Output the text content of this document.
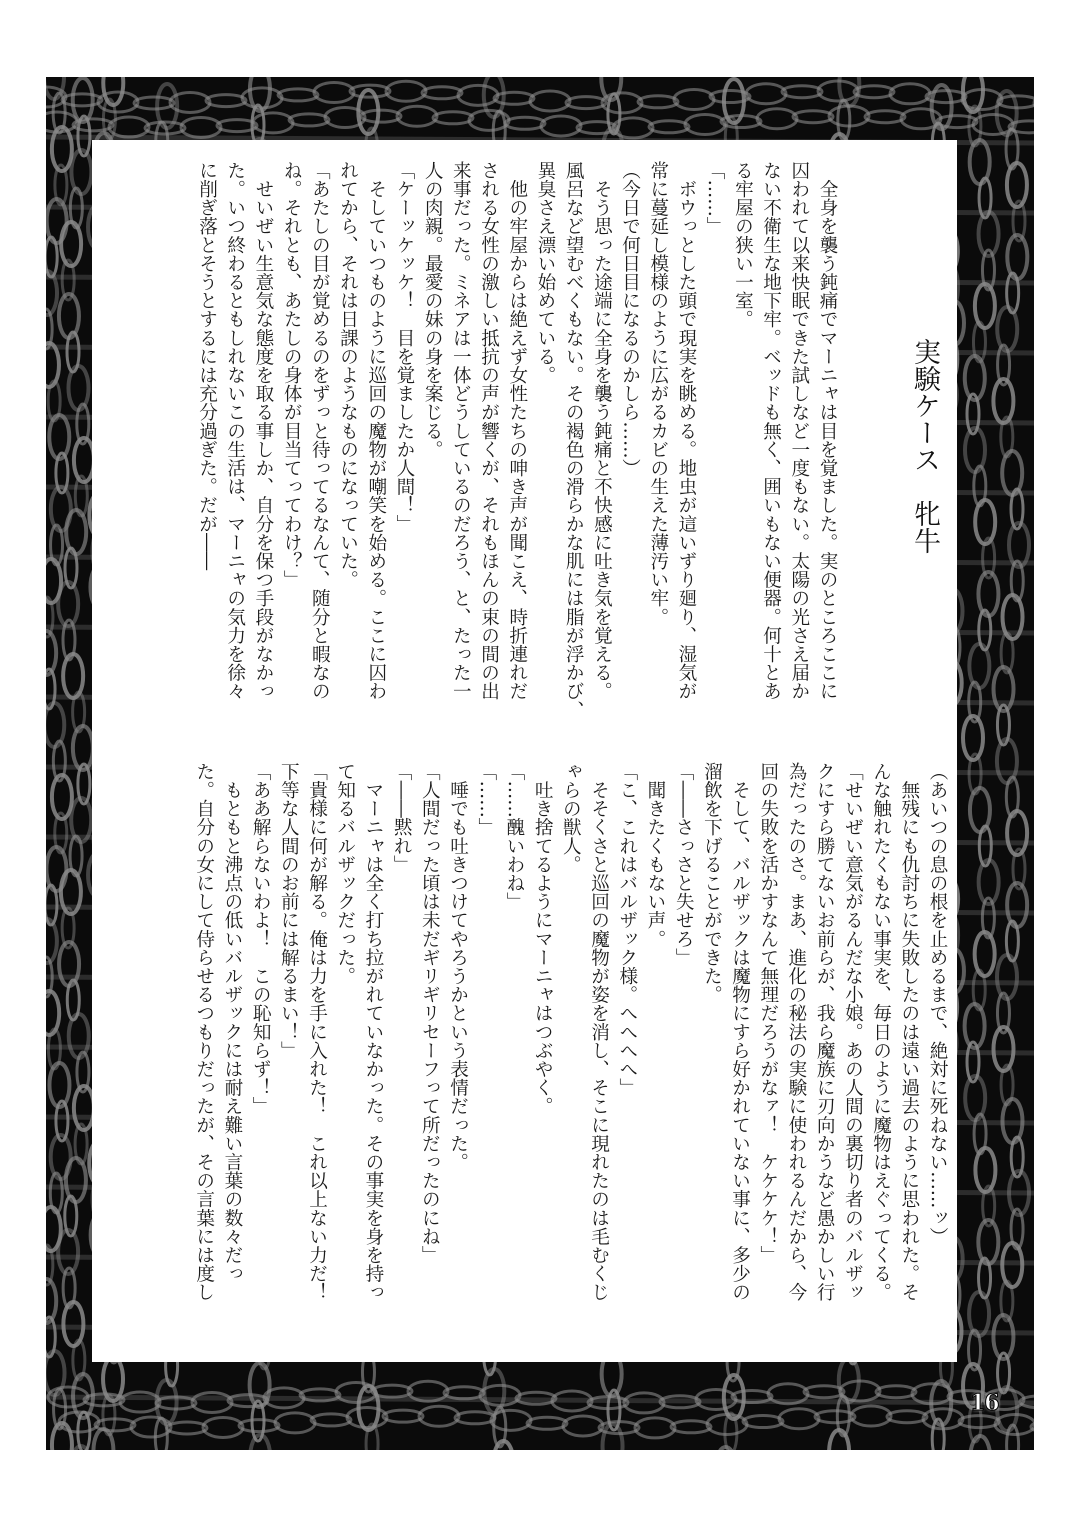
実験ケース　牝牛
　全身を襲う鈍痛でマーニャは目を覚ました。実のところここに
囚われて以来快眠できた試しなど一度もない。太陽の光さえ届か
ない不衛生な地下牢。ベッドも無く、囲いもない便器。何十とあ
る牢屋の狭い一室。
「……」
　ボウっとした頭で現実を眺める。地虫が這いずり廻り、湿気が
常に蔓延し模様のように広がるカビの生えた薄汚い牢。
（今日で何日目になるのかしら……）
　そう思った途端に全身を襲う鈍痛と不快感に吐き気を覚える。
風呂など望むべくもない。その褐色の滑らかな肌には脂が浮かび、
異臭さえ漂い始めている。
　他の牢屋からは絶えず女性たちの呻き声が聞こえ、時折連れだ
される女性の激しい抵抗の声が響くが、それもほんの束の間の出
来事だった。ミネアは一体どうしているのだろう、と、たった一
人の肉親。最愛の妹の身を案じる。
「ケーッケッケ！　目を覚ましたか人間！」
　そしていつものように巡回の魔物が嘲笑を始める。ここに囚わ
れてから、それは日課のようなものになっていた。
「あたしの目が覚めるのをずっと待ってるなんて、随分と暇なの
ね。それとも、あたしの身体が目当てってわけ？」
　せいぜい生意気な態度を取る事しか、自分を保つ手段がなかっ
た。いつ終わるともしれないこの生活は、マーニャの気力を徐々
に削ぎ落とそうとするには充分過ぎた。だが――
（あいつの息の根を止めるまで、絶対に死ねない……ッ）
　無残にも仇討ちに失敗したのは遠い過去のように思われた。そ
んな触れたくもない事実を、毎日のように魔物はえぐってくる。
「せいぜい意気がるんだな小娘。あの人間の裏切り者のバルザッ
クにすら勝てないお前らが、我ら魔族に刃向かうなど愚かしい行
為だったのさ。まあ、進化の秘法の実験に使われるんだから、今
回の失敗を活かすなんて無理だろうがなァ！　ケケケケ！」
　そして、バルザックは魔物にすら好かれていない事に、多少の
溜飲を下げることができた。
「――さっさと失せろ」
　聞きたくもない声。
「こ、これはバルザック様。へへへへ」
　そそくさと巡回の魔物が姿を消し、そこに現れたのは毛むくじ
ゃらの獣人。
　吐き捨てるようにマーニャはつぶやく。
「……醜いわね」
「……」
　唾でも吐きつけてやろうかという表情だった。
「人間だった頃は未だギリギリセーフって所だったのにね」
「――黙れ」
　マーニャは全く打ち拉がれていなかった。その事実を身を持っ
て知るバルザックだった。
「貴様に何が解る。俺は力を手に入れた！　これ以上ない力だ！
下等な人間のお前には解るまい！」
「ああ解らないわよ！　この恥知らず！」
　もともと沸点の低いバルザックには耐え難い言葉の数々だっ
た。自分の女にして侍らせるつもりだったが、その言葉には度し
16
